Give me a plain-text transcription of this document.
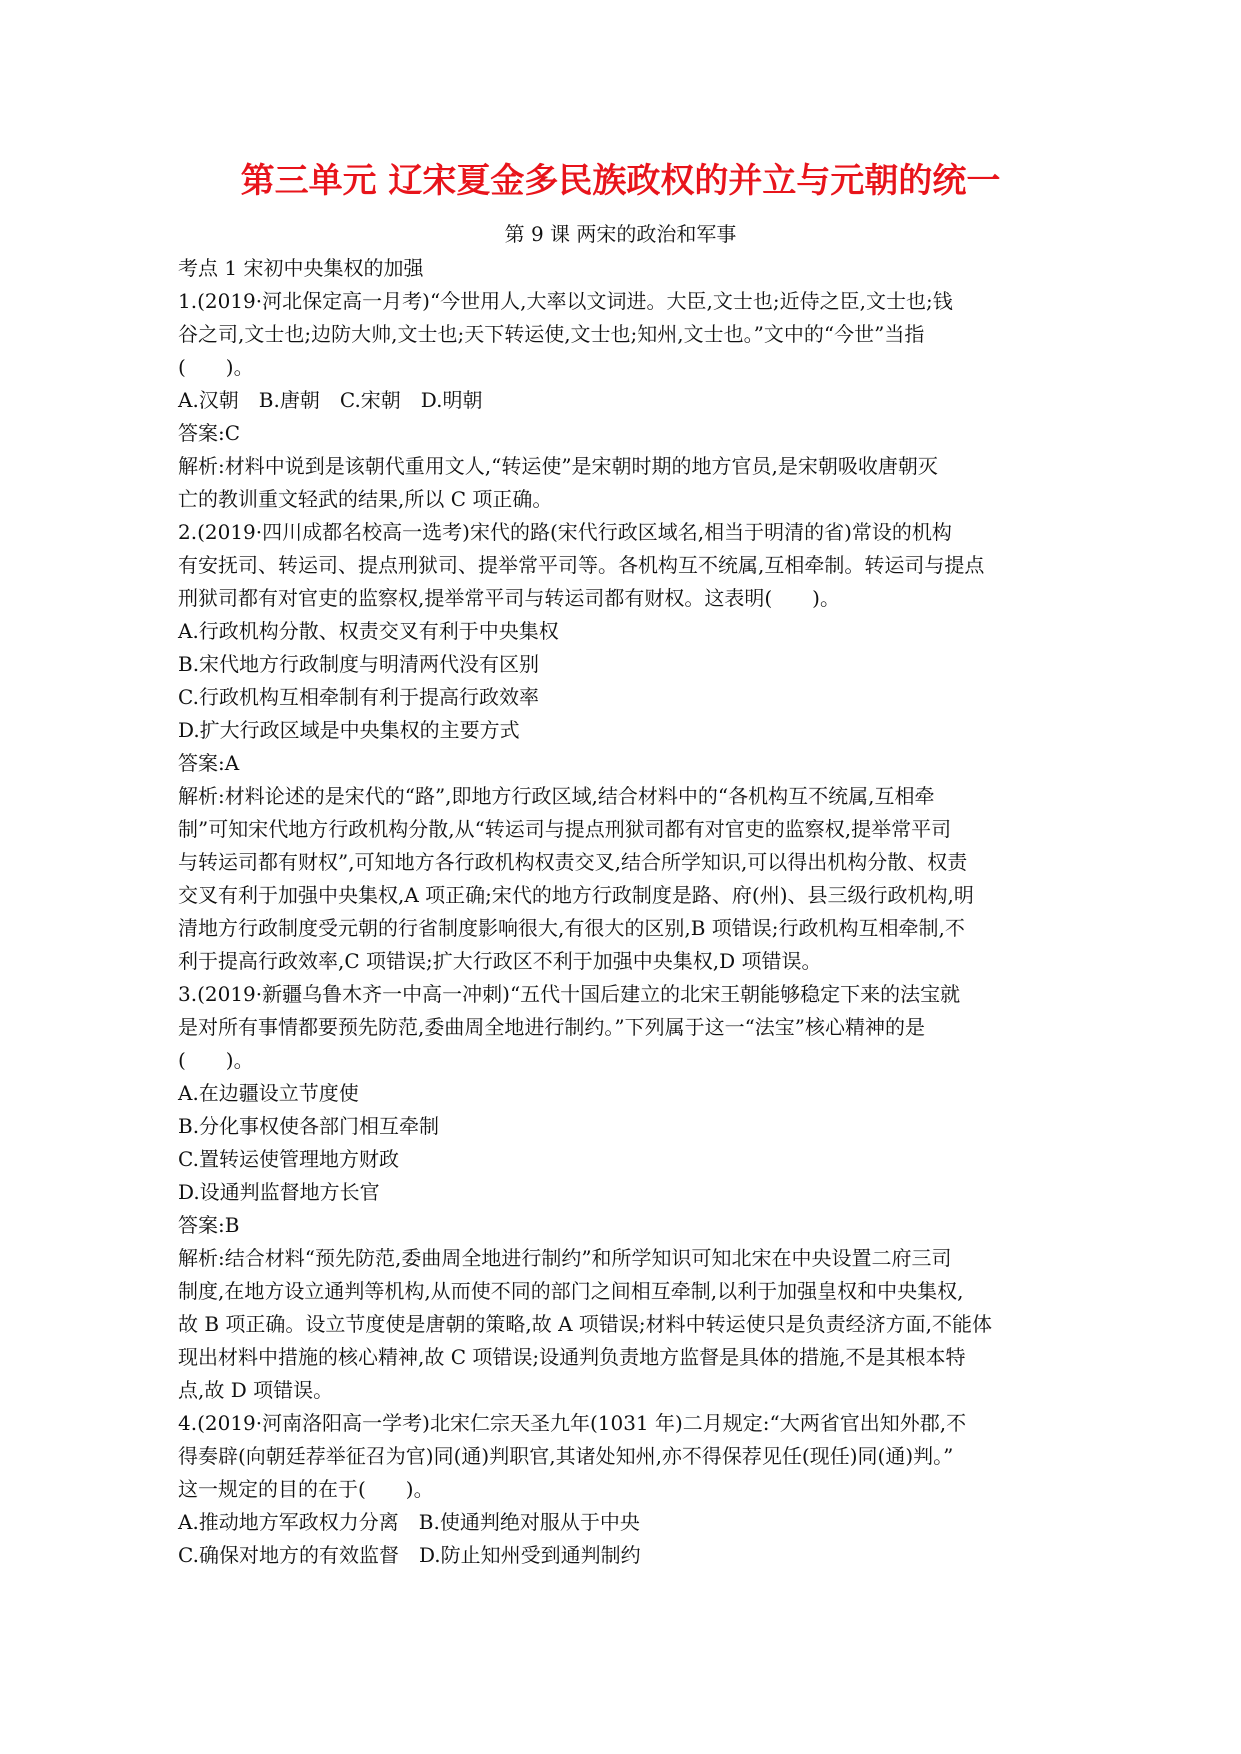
第三单元 辽宋夏金多民族政权的并立与元朝的统一
第 9 课 两宋的政治和军事
考点 1 宋初中央集权的加强
1.(2019·河北保定高一月考)“今世用人,大率以文词进。大臣,文士也;近侍之臣,文士也;钱
谷之司,文士也;边防大帅,文士也;天下转运使,文士也;知州,文士也。”文中的“今世”当指
(　　)。
A.汉朝　B.唐朝　C.宋朝　D.明朝
答案:C
解析:材料中说到是该朝代重用文人,“转运使”是宋朝时期的地方官员,是宋朝吸收唐朝灭
亡的教训重文轻武的结果,所以 C 项正确。
2.(2019·四川成都名校高一选考)宋代的路(宋代行政区域名,相当于明清的省)常设的机构
有安抚司、转运司、提点刑狱司、提举常平司等。各机构互不统属,互相牵制。转运司与提点
刑狱司都有对官吏的监察权,提举常平司与转运司都有财权。这表明(　　)。
A.行政机构分散、权责交叉有利于中央集权
B.宋代地方行政制度与明清两代没有区别
C.行政机构互相牵制有利于提高行政效率
D.扩大行政区域是中央集权的主要方式
答案:A
解析:材料论述的是宋代的“路”,即地方行政区域,结合材料中的“各机构互不统属,互相牵
制”可知宋代地方行政机构分散,从“转运司与提点刑狱司都有对官吏的监察权,提举常平司
与转运司都有财权”,可知地方各行政机构权责交叉,结合所学知识,可以得出机构分散、权责
交叉有利于加强中央集权,A 项正确;宋代的地方行政制度是路、府(州)、县三级行政机构,明
清地方行政制度受元朝的行省制度影响很大,有很大的区别,B 项错误;行政机构互相牵制,不
利于提高行政效率,C 项错误;扩大行政区不利于加强中央集权,D 项错误。
3.(2019·新疆乌鲁木齐一中高一冲刺)“五代十国后建立的北宋王朝能够稳定下来的法宝就
是对所有事情都要预先防范,委曲周全地进行制约。”下列属于这一“法宝”核心精神的是
(　　)。
A.在边疆设立节度使
B.分化事权使各部门相互牵制
C.置转运使管理地方财政
D.设通判监督地方长官
答案:B
解析:结合材料“预先防范,委曲周全地进行制约”和所学知识可知北宋在中央设置二府三司
制度,在地方设立通判等机构,从而使不同的部门之间相互牵制,以利于加强皇权和中央集权,
故 B 项正确。设立节度使是唐朝的策略,故 A 项错误;材料中转运使只是负责经济方面,不能体
现出材料中措施的核心精神,故 C 项错误;设通判负责地方监督是具体的措施,不是其根本特
点,故 D 项错误。
4.(2019·河南洛阳高一学考)北宋仁宗天圣九年(1031 年)二月规定:“大两省官出知外郡,不
得奏辟(向朝廷荐举征召为官)同(通)判职官,其诸处知州,亦不得保荐见任(现任)同(通)判。”
这一规定的目的在于(　　)。
A.推动地方军政权力分离　B.使通判绝对服从于中央
C.确保对地方的有效监督　D.防止知州受到通判制约
